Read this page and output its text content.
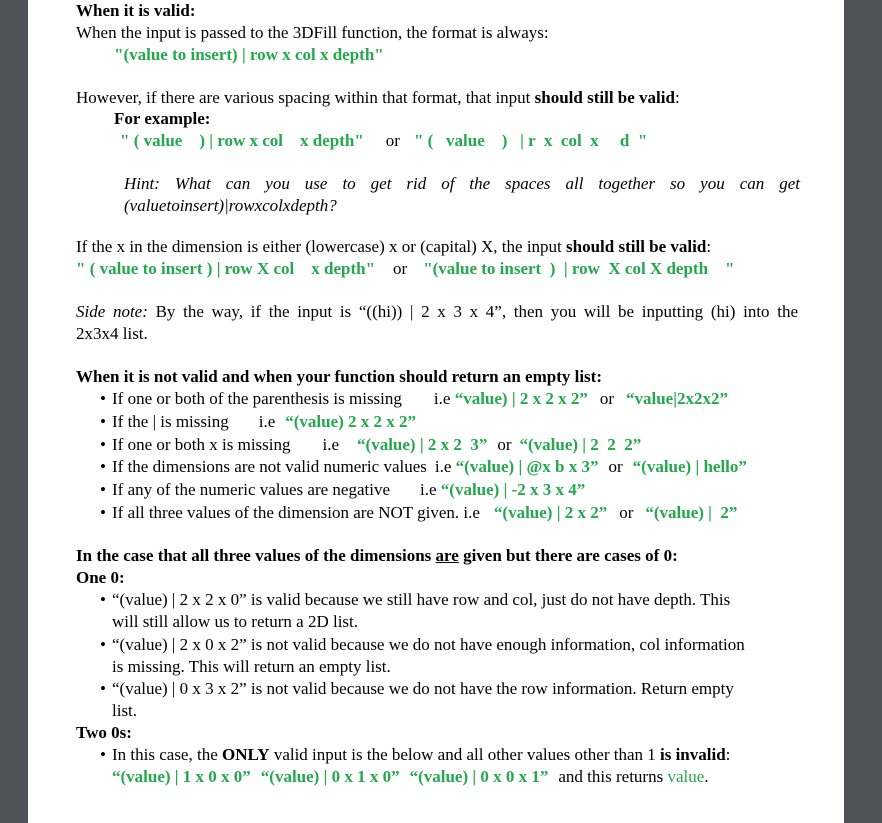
When it is valid:
When the input is passed to the 3DFill function, the format is always:
"(value to insert) | row x col x depth"
However, if there are various spacing within that format, that input should still be valid:
For example:
" ( value    ) | row x col    x depth" or " (   value    )   | r  x  col  x     d  "
Hint: What can you use to get rid of the spaces all together so you can get
(valuetoinsert)|rowxcolxdepth?
If the x in the dimension is either (lowercase) x or (capital) X, the input should still be valid:
" ( value to insert ) | row X col    x depth" or "(value to insert  )  | row  X col X depth    "
Side note: By the way, if the input is “((hi)) | 2 x 3 x 4”, then you will be inputting (hi) into the
2x3x4 list.
When it is not valid and when your function should return an empty list:
• If one or both of the parenthesis is missing i.e “value) | 2 x 2 x 2” or “value|2x2x2”
• If the | is missing i.e “(value) 2 x 2 x 2”
• If one or both x is missing i.e “(value) | 2 x 2  3” or “(value) | 2  2  2”
• If the dimensions are not valid numeric values i.e “(value) | @x b x 3” or “(value) | hello”
• If any of the numeric values are negative i.e “(value) | -2 x 3 x 4”
• If all three values of the dimension are NOT given. i.e “(value) | 2 x 2” or “(value) |  2”
In the case that all three values of the dimensions are given but there are cases of 0:
One 0:
• “(value) | 2 x 2 x 0” is valid because we still have row and col, just do not have depth. This
will still allow us to return a 2D list.
• “(value) | 2 x 0 x 2” is not valid because we do not have enough information, col information
is missing. This will return an empty list.
• “(value) | 0 x 3 x 2” is not valid because we do not have the row information. Return empty
list.
Two 0s:
• In this case, the ONLY valid input is the below and all other values other than 1 is invalid:
“(value) | 1 x 0 x 0” “(value) | 0 x 1 x 0” “(value) | 0 x 0 x 1” and this returns value.
